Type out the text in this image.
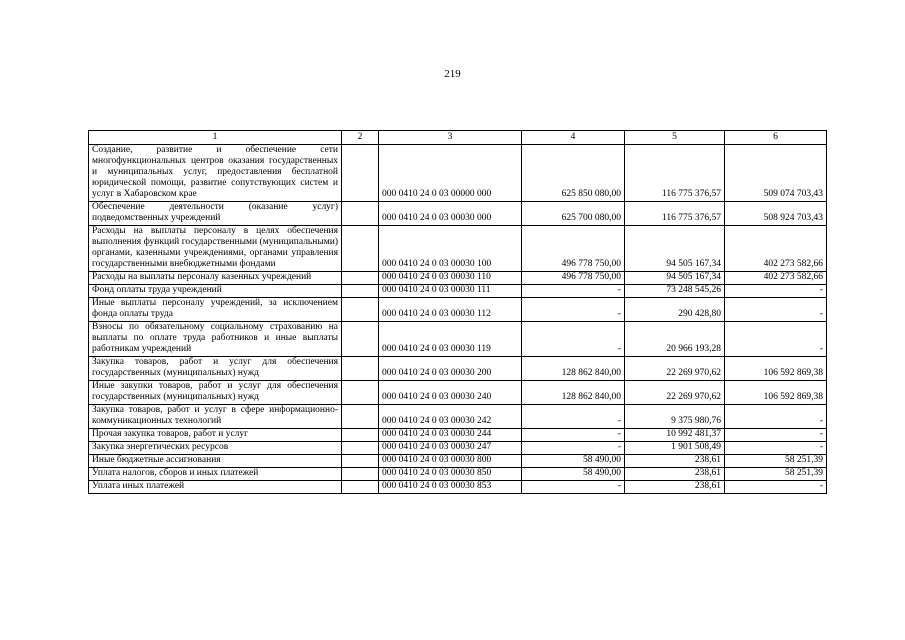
219
1	2	3	4	5	6
Создание, развитие и обеспечение сети многофункциональных центров оказания государственных и муниципальных услуг, предоставления бесплатной юридической помощи, развитие сопутствующих систем и услуг в Хабаровском крае		000 0410 24 0 03 00000 000	625 850 080,00	116 775 376,57	509 074 703,43
Обеспечение деятельности (оказание услуг) подведомственных учреждений		000 0410 24 0 03 00030 000	625 700 080,00	116 775 376,57	508 924 703,43
Расходы на выплаты персоналу в целях обеспечения выполнения функций государственными (муниципальными) органами, казенными учреждениями, органами управления государственными внебюджетными фондами		000 0410 24 0 03 00030 100	496 778 750,00	94 505 167,34	402 273 582,66
Расходы на выплаты персоналу казенных учреждений		000 0410 24 0 03 00030 110	496 778 750,00	94 505 167,34	402 273 582,66
Фонд оплаты труда учреждений		000 0410 24 0 03 00030 111	-	73 248 545,26	-
Иные выплаты персоналу учреждений, за исключением фонда оплаты труда		000 0410 24 0 03 00030 112	-	290 428,80	-
Взносы по обязательному социальному страхованию на выплаты по оплате труда работников и иные выплаты работникам учреждений		000 0410 24 0 03 00030 119	-	20 966 193,28	-
Закупка товаров, работ и услуг для обеспечения государственных (муниципальных) нужд		000 0410 24 0 03 00030 200	128 862 840,00	22 269 970,62	106 592 869,38
Иные закупки товаров, работ и услуг для обеспечения государственных (муниципальных) нужд		000 0410 24 0 03 00030 240	128 862 840,00	22 269 970,62	106 592 869,38
Закупка товаров, работ и услуг в сфере информационно-коммуникационных технологий		000 0410 24 0 03 00030 242	-	9 375 980,76	-
Прочая закупка товаров, работ и услуг		000 0410 24 0 03 00030 244	-	10 992 481,37	-
Закупка энергетических ресурсов		000 0410 24 0 03 00030 247	-	1 901 508,49	-
Иные бюджетные ассигнования		000 0410 24 0 03 00030 800	58 490,00	238,61	58 251,39
Уплата налогов, сборов и иных платежей		000 0410 24 0 03 00030 850	58 490,00	238,61	58 251,39
Уплата иных платежей		000 0410 24 0 03 00030 853	-	238,61	-
